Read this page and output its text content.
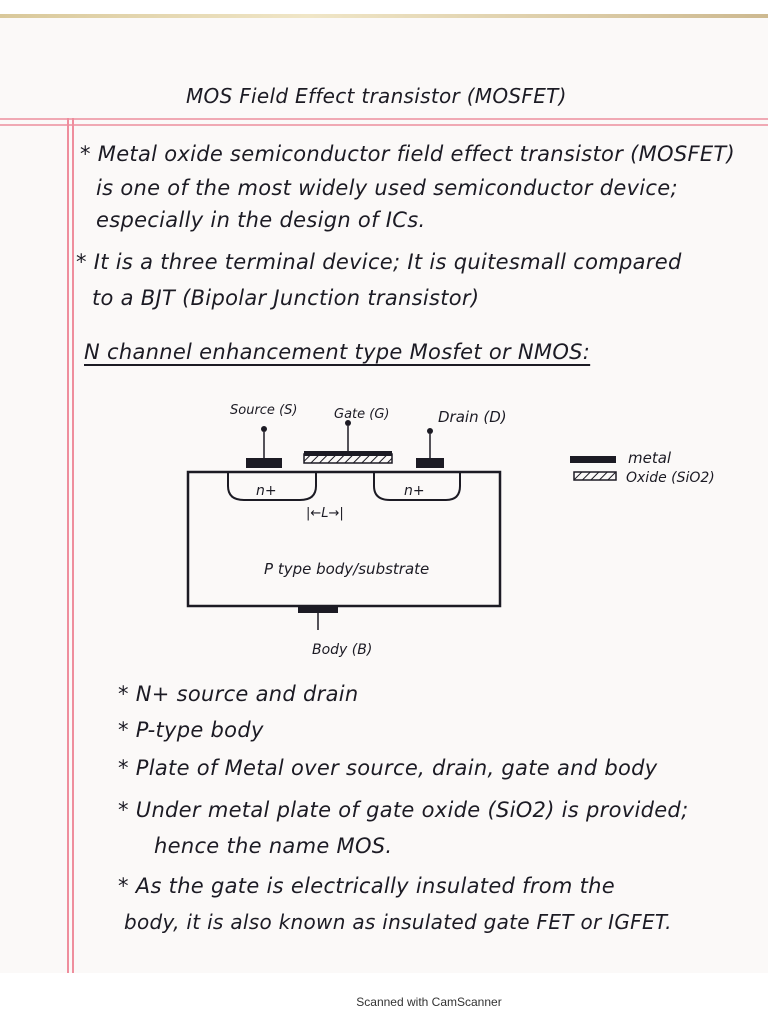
MOS Field Effect transistor (MOSFET)
* Metal oxide semiconductor field effect transistor (MOSFET)
is one of the most widely used semiconductor device;
especially in the design of ICs.
* It is a three terminal device; It is quitesmall compared
to a BJT (Bipolar Junction transistor)
N channel enhancement type Mosfet or NMOS:
Source (S)	Gate (G)	Drain (D)
n+	n+
|←L→|
P type body/substrate
Body (B)
metal
Oxide (SiO2)
* N+ source and drain
* P-type body
* Plate of Metal over source, drain, gate and body
* Under metal plate of gate oxide (SiO2) is provided;
hence the name MOS.
* As the gate is electrically insulated from the
body, it is also known as insulated gate FET or IGFET.
Scanned with CamScanner
